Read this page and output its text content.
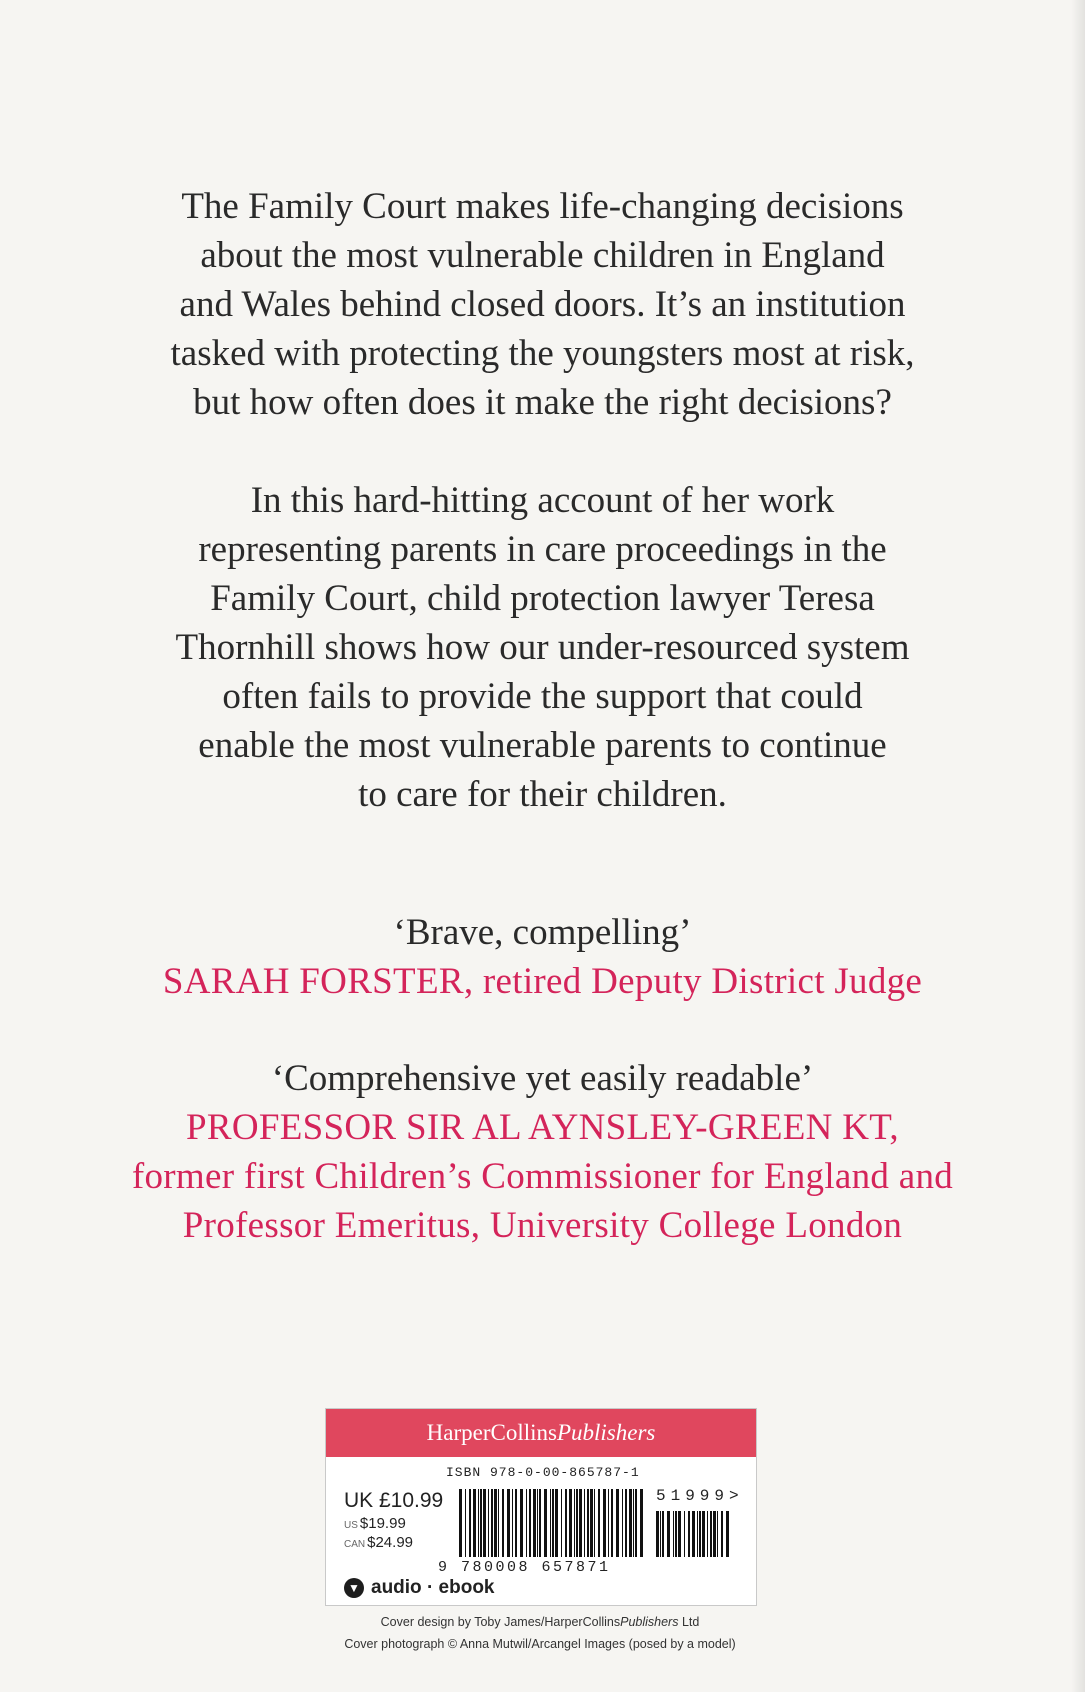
The Family Court makes life-changing decisions

about the most vulnerable children in England

and Wales behind closed doors. It’s an institution

tasked with protecting the youngsters most at risk,

but how often does it make the right decisions?

In this hard-hitting account of her work

representing parents in care proceedings in the

Family Court, child protection lawyer Teresa

Thornhill shows how our under-resourced system

often fails to provide the support that could

enable the most vulnerable parents to continue

to care for their children.

‘Brave, compelling’
SARAH FORSTER, retired Deputy District Judge
‘Comprehensive yet easily readable’
PROFESSOR SIR AL AYNSLEY-GREEN KT,
former first Children’s Commissioner for England and
Professor Emeritus, University College London
HarperCollins Publishers
ISBN 978-0-00-865787-1
UK £10.99
US $19.99
CAN $24.99
51999>
9 780008 657871
▼ audio · ebook
Cover design by Toby James/HarperCollinsPublishers Ltd
Cover photograph © Anna Mutwil/Arcangel Images (posed by a model)
